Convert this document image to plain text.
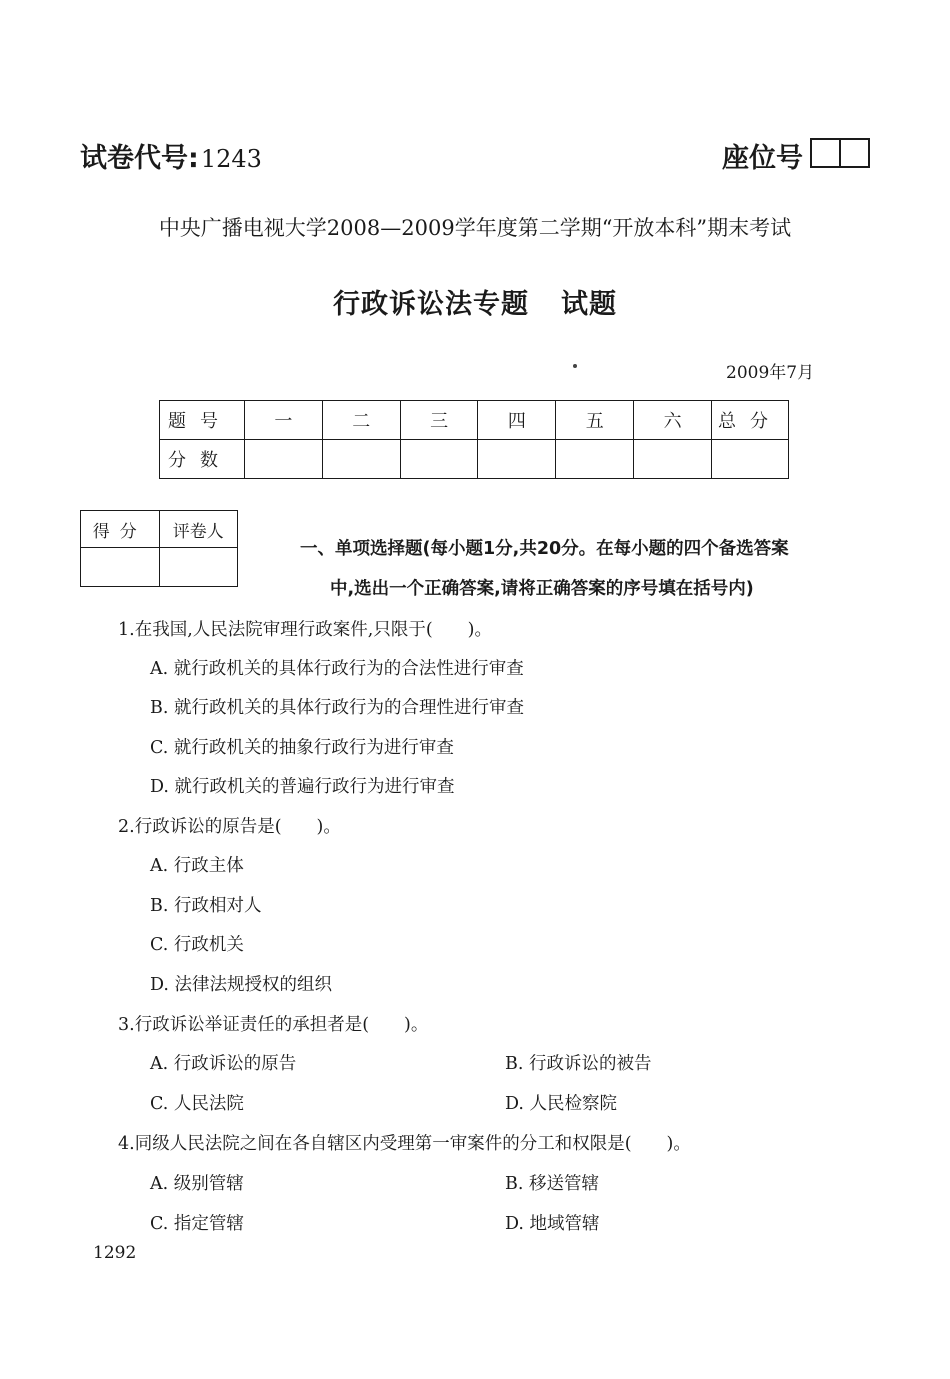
试卷代号:1243	座位号
中央广播电视大学2008—2009学年度第二学期“开放本科”期末考试
行政诉讼法专题 试题
2009年7月
题号	一	二	三	四	五	六	总分
分数							
得分	评卷人

一、单项选择题(每小题1分,共20分。在每小题的四个备选答案
中,选出一个正确答案,请将正确答案的序号填在括号内)
1.在我国,人民法院审理行政案件,只限于(　　)。
A. 就行政机关的具体行政行为的合法性进行审查
B. 就行政机关的具体行政行为的合理性进行审查
C. 就行政机关的抽象行政行为进行审查
D. 就行政机关的普遍行政行为进行审查
2.行政诉讼的原告是(　　)。
A. 行政主体
B. 行政相对人
C. 行政机关
D. 法律法规授权的组织
3.行政诉讼举证责任的承担者是(　　)。
A. 行政诉讼的原告	B. 行政诉讼的被告
C. 人民法院	D. 人民检察院
4.同级人民法院之间在各自辖区内受理第一审案件的分工和权限是(　　)。
A. 级别管辖	B. 移送管辖
C. 指定管辖	D. 地域管辖
1292
